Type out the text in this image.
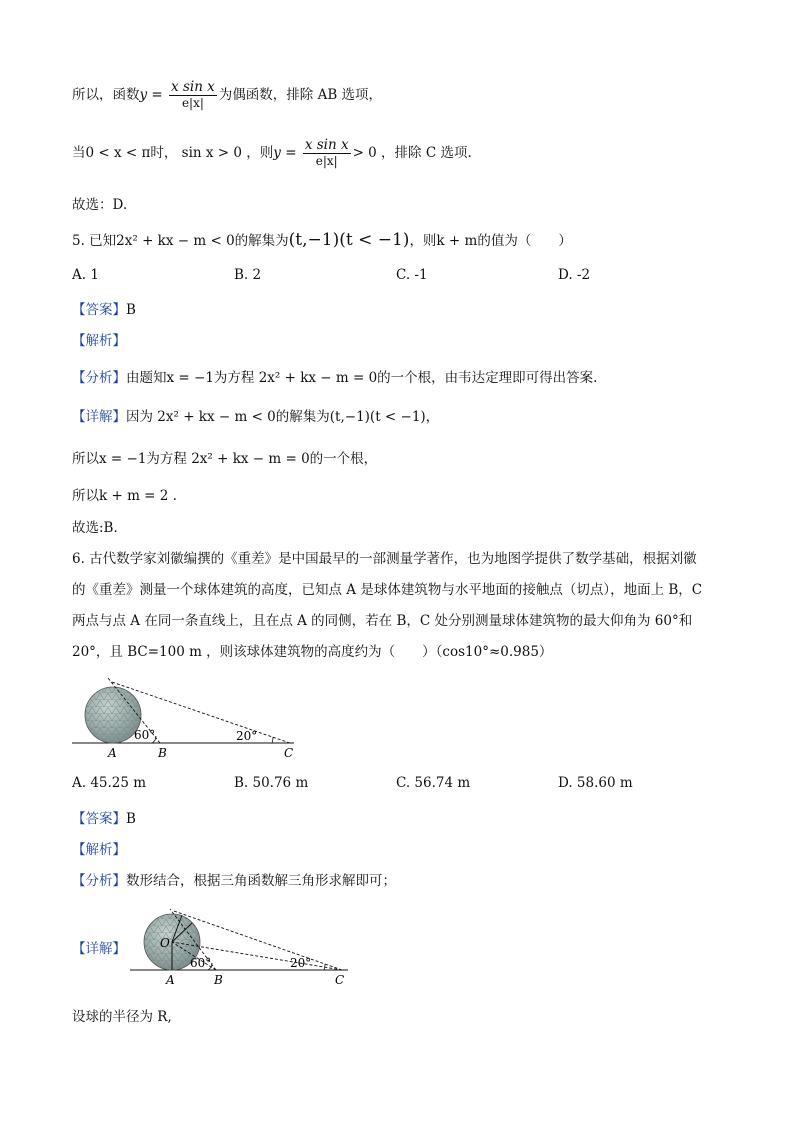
所以，函数$y = \frac{\text{x sin x}}{e|x|}$ 为偶函数，排除 AB 选项，
当0 < x < π时， sin x > 0 ，则$y = \frac{\text{x sin x}}{e|x|} > 0$ ，排除 C 选项.
故选：D.
5. 已知2x² + kx − m < 0的解集为(t,−1)(t < −1)，则k + m的值为（　　）
A. 1	B. 2	C. -1	D. -2
【答案】B
【解析】
【分析】由题知x = −1为方程 2x² + kx − m = 0的一个根，由韦达定理即可得出答案.
【详解】因为 2x² + kx − m < 0的解集为(t,−1)(t < −1)，
所以x = −1为方程 2x² + kx − m = 0的一个根，
所以k + m = 2 .
故选:B．
6. 古代数学家刘徽编撰的《重差》是中国最早的一部测量学著作，也为地图学提供了数学基础，根据刘徽
的《重差》测量一个球体建筑的高度，已知点 A 是球体建筑物与水平地面的接触点（切点），地面上 B，C
两点与点 A 在同一条直线上，且在点 A 的同侧，若在 B，C 处分别测量球体建筑物的最大仰角为 60°和
20°，且 BC=100 m ，则该球体建筑物的高度约为（　　）（cos10°≈0.985）
60°	20°
A	B	C
A. 45.25 m	B. 50.76 m	C. 56.74 m	D. 58.60 m
【答案】B
【解析】
【分析】数形结合，根据三角函数解三角形求解即可；
【详解】	O
60°	20°
A	B	C
设球的半径为 R,
